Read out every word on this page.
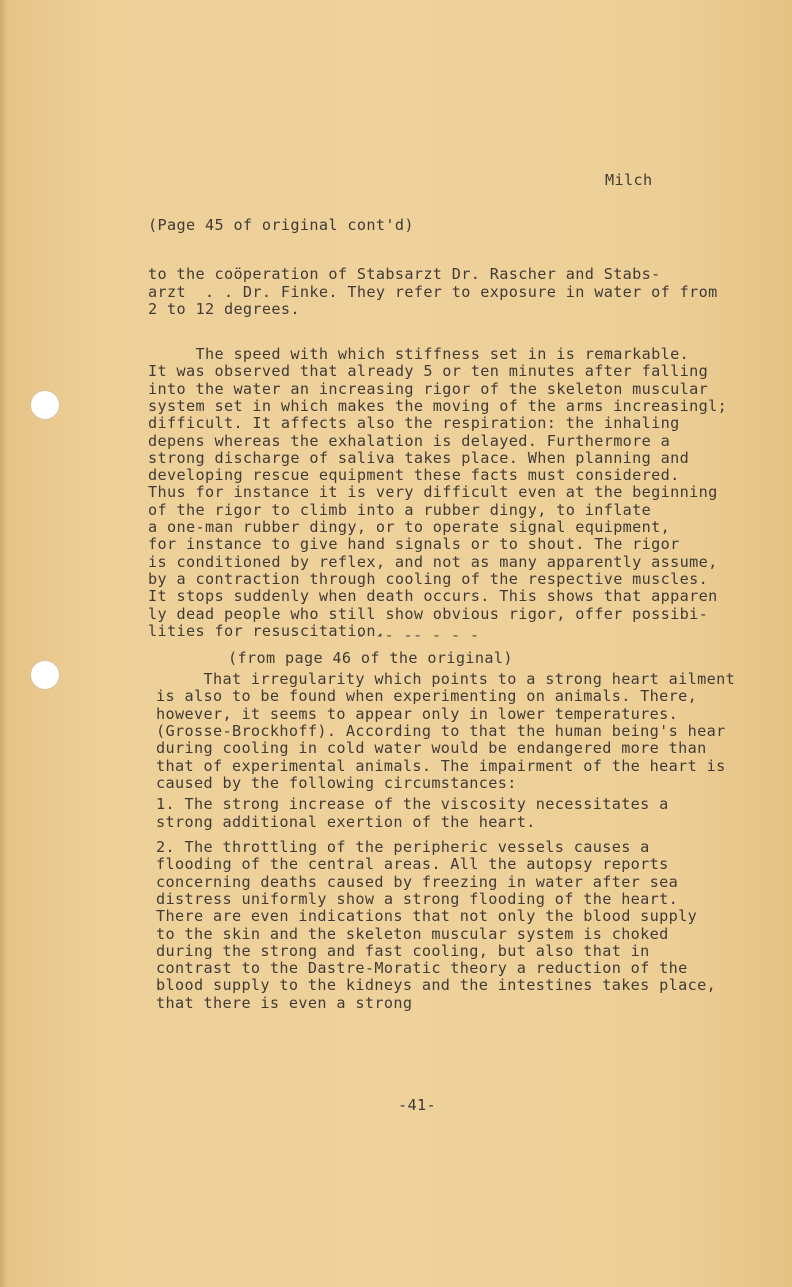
Milch
(Page 45 of original cont'd)
to the coöperation of Stabsarzt Dr. Rascher and Stabs-
arzt  . . Dr. Finke. They refer to exposure in water of from
2 to 12 degrees.
The speed with which stiffness set in is remarkable.
It was observed that already 5 or ten minutes after falling
into the water an increasing rigor of the skeleton muscular
system set in which makes the moving of the arms increasingl;
difficult. It affects also the respiration: the inhaling
depens whereas the exhalation is delayed. Furthermore a
strong discharge of saliva takes place. When planning and
developing rescue equipment these facts must considered.
Thus for instance it is very difficult even at the beginning
of the rigor to climb into a rubber dingy, to inflate
a one-man rubber dingy, or to operate signal equipment,
for instance to give hand signals or to shout. The rigor
is conditioned by reflex, and not as many apparently assume,
by a contraction through cooling of the respective muscles.
It stops suddenly when death occurs. This shows that apparen
ly dead people who still show obvious rigor, offer possibi-
lities for resuscitation.
- -- -- - - -
(from page 46 of the original)
That irregularity which points to a strong heart ailment
is also to be found when experimenting on animals. There,
however, it seems to appear only in lower temperatures.
(Grosse-Brockhoff). According to that the human being's hear
during cooling in cold water would be endangered more than
that of experimental animals. The impairment of the heart is
caused by the following circumstances:
1. The strong increase of the viscosity necessitates a
strong additional exertion of the heart.
2. The throttling of the peripheric vessels causes a
flooding of the central areas. All the autopsy reports
concerning deaths caused by freezing in water after sea
distress uniformly show a strong flooding of the heart.
There are even indications that not only the blood supply
to the skin and the skeleton muscular system is choked
during the strong and fast cooling, but also that in
contrast to the Dastre-Moratic theory a reduction of the
blood supply to the kidneys and the intestines takes place,
that there is even a strong
-41-
